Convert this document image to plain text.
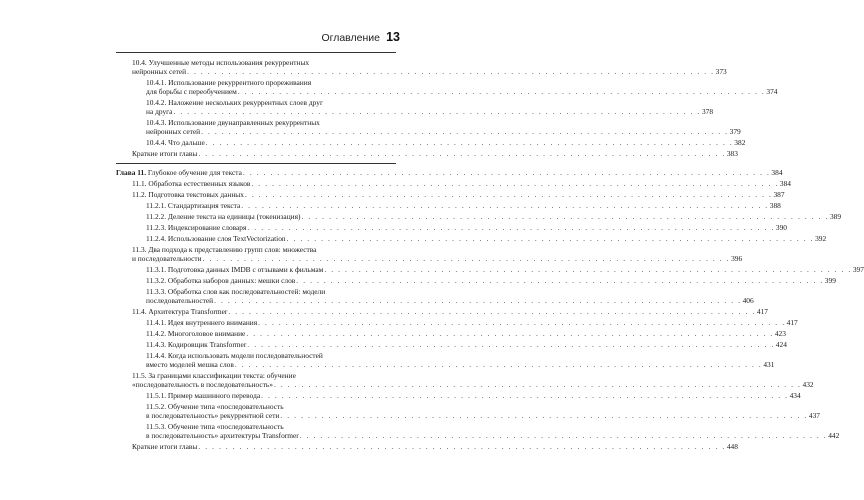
Оглавление 13
10.4. Улучшенные методы использования рекуррентных
нейронных сетей . . . . . . . . . . . . . . . . . . . . . . . . . . . . . . . . . . . . . . . . . . . . . . . . . . . . . . . . . . . . . . . . . . . . . . . . . . . . . 373
10.4.1. Использование рекуррентного прореживания
для борьбы с переобучением . . . . . . . . . . . . . . . . . . . . . . . . . . . . . . . . . . . . . . . . . . . . . . . . . . . . . . . . . . . . . . . . . . . . . . . . . . . . . 374
10.4.2. Наложение нескольких рекуррентных слоев друг
на друга . . . . . . . . . . . . . . . . . . . . . . . . . . . . . . . . . . . . . . . . . . . . . . . . . . . . . . . . . . . . . . . . . . . . . . . . . . . . . 378
10.4.3. Использование двунаправленных рекуррентных
нейронных сетей . . . . . . . . . . . . . . . . . . . . . . . . . . . . . . . . . . . . . . . . . . . . . . . . . . . . . . . . . . . . . . . . . . . . . . . . . . . . . 379
10.4.4. Что дальше . . . . . . . . . . . . . . . . . . . . . . . . . . . . . . . . . . . . . . . . . . . . . . . . . . . . . . . . . . . . . . . . . . . . . . . . . . . . . 382
Краткие итоги главы . . . . . . . . . . . . . . . . . . . . . . . . . . . . . . . . . . . . . . . . . . . . . . . . . . . . . . . . . . . . . . . . . . . . . . . . . . . . . 383
Глава 11. Глубокое обучение для текста . . . . . . . . . . . . . . . . . . . . . . . . . . . . . . . . . . . . . . . . . . . . . . . . . . . . . . . . . . . . . . . . . . . . . . . . . . . . . 384
11.1. Обработка естественных языков . . . . . . . . . . . . . . . . . . . . . . . . . . . . . . . . . . . . . . . . . . . . . . . . . . . . . . . . . . . . . . . . . . . . . . . . . . . . . 384
11.2. Подготовка текстовых данных . . . . . . . . . . . . . . . . . . . . . . . . . . . . . . . . . . . . . . . . . . . . . . . . . . . . . . . . . . . . . . . . . . . . . . . . . . . . . 387
11.2.1. Стандартизация текста . . . . . . . . . . . . . . . . . . . . . . . . . . . . . . . . . . . . . . . . . . . . . . . . . . . . . . . . . . . . . . . . . . . . . . . . . . . . . 388
11.2.2. Деление текста на единицы (токенизация) . . . . . . . . . . . . . . . . . . . . . . . . . . . . . . . . . . . . . . . . . . . . . . . . . . . . . . . . . . . . . . . . . . . . . . . . . . . . . 389
11.2.3. Индексирование словаря . . . . . . . . . . . . . . . . . . . . . . . . . . . . . . . . . . . . . . . . . . . . . . . . . . . . . . . . . . . . . . . . . . . . . . . . . . . . . 390
11.2.4. Использование слоя TextVectorization . . . . . . . . . . . . . . . . . . . . . . . . . . . . . . . . . . . . . . . . . . . . . . . . . . . . . . . . . . . . . . . . . . . . . . . . . . . . . 392
11.3. Два подхода к представлению групп слов: множества
и последовательности . . . . . . . . . . . . . . . . . . . . . . . . . . . . . . . . . . . . . . . . . . . . . . . . . . . . . . . . . . . . . . . . . . . . . . . . . . . . . 396
11.3.1. Подготовка данных IMDB с отзывами к фильмам . . . . . . . . . . . . . . . . . . . . . . . . . . . . . . . . . . . . . . . . . . . . . . . . . . . . . . . . . . . . . . . . . . . . . . . . . . . . . 397
11.3.2. Обработка наборов данных: мешки слов . . . . . . . . . . . . . . . . . . . . . . . . . . . . . . . . . . . . . . . . . . . . . . . . . . . . . . . . . . . . . . . . . . . . . . . . . . . . . 399
11.3.3. Обработка слов как последовательностей: модели
последовательностей . . . . . . . . . . . . . . . . . . . . . . . . . . . . . . . . . . . . . . . . . . . . . . . . . . . . . . . . . . . . . . . . . . . . . . . . . . . . . 406
11.4. Архитектура Transformer . . . . . . . . . . . . . . . . . . . . . . . . . . . . . . . . . . . . . . . . . . . . . . . . . . . . . . . . . . . . . . . . . . . . . . . . . . . . . 417
11.4.1. Идея внутреннего внимания . . . . . . . . . . . . . . . . . . . . . . . . . . . . . . . . . . . . . . . . . . . . . . . . . . . . . . . . . . . . . . . . . . . . . . . . . . . . . 417
11.4.2. Многоголовое внимание . . . . . . . . . . . . . . . . . . . . . . . . . . . . . . . . . . . . . . . . . . . . . . . . . . . . . . . . . . . . . . . . . . . . . . . . . . . . . 423
11.4.3. Кодировщик Transformer . . . . . . . . . . . . . . . . . . . . . . . . . . . . . . . . . . . . . . . . . . . . . . . . . . . . . . . . . . . . . . . . . . . . . . . . . . . . . 424
11.4.4. Когда использовать модели последовательностей
вместо моделей мешка слов . . . . . . . . . . . . . . . . . . . . . . . . . . . . . . . . . . . . . . . . . . . . . . . . . . . . . . . . . . . . . . . . . . . . . . . . . . . . . 431
11.5. За границами классификации текста: обучение
«последовательность в последовательность» . . . . . . . . . . . . . . . . . . . . . . . . . . . . . . . . . . . . . . . . . . . . . . . . . . . . . . . . . . . . . . . . . . . . . . . . . . . . . 432
11.5.1. Пример машинного перевода . . . . . . . . . . . . . . . . . . . . . . . . . . . . . . . . . . . . . . . . . . . . . . . . . . . . . . . . . . . . . . . . . . . . . . . . . . . . . 434
11.5.2. Обучение типа «последовательность
в последовательность» рекуррентной сети . . . . . . . . . . . . . . . . . . . . . . . . . . . . . . . . . . . . . . . . . . . . . . . . . . . . . . . . . . . . . . . . . . . . . . . . . . . . . 437
11.5.3. Обучение типа «последовательность
в последовательность» архитектуры Transformer . . . . . . . . . . . . . . . . . . . . . . . . . . . . . . . . . . . . . . . . . . . . . . . . . . . . . . . . . . . . . . . . . . . . . . . . . . . . . 442
Краткие итоги главы . . . . . . . . . . . . . . . . . . . . . . . . . . . . . . . . . . . . . . . . . . . . . . . . . . . . . . . . . . . . . . . . . . . . . . . . . . . . . 448
